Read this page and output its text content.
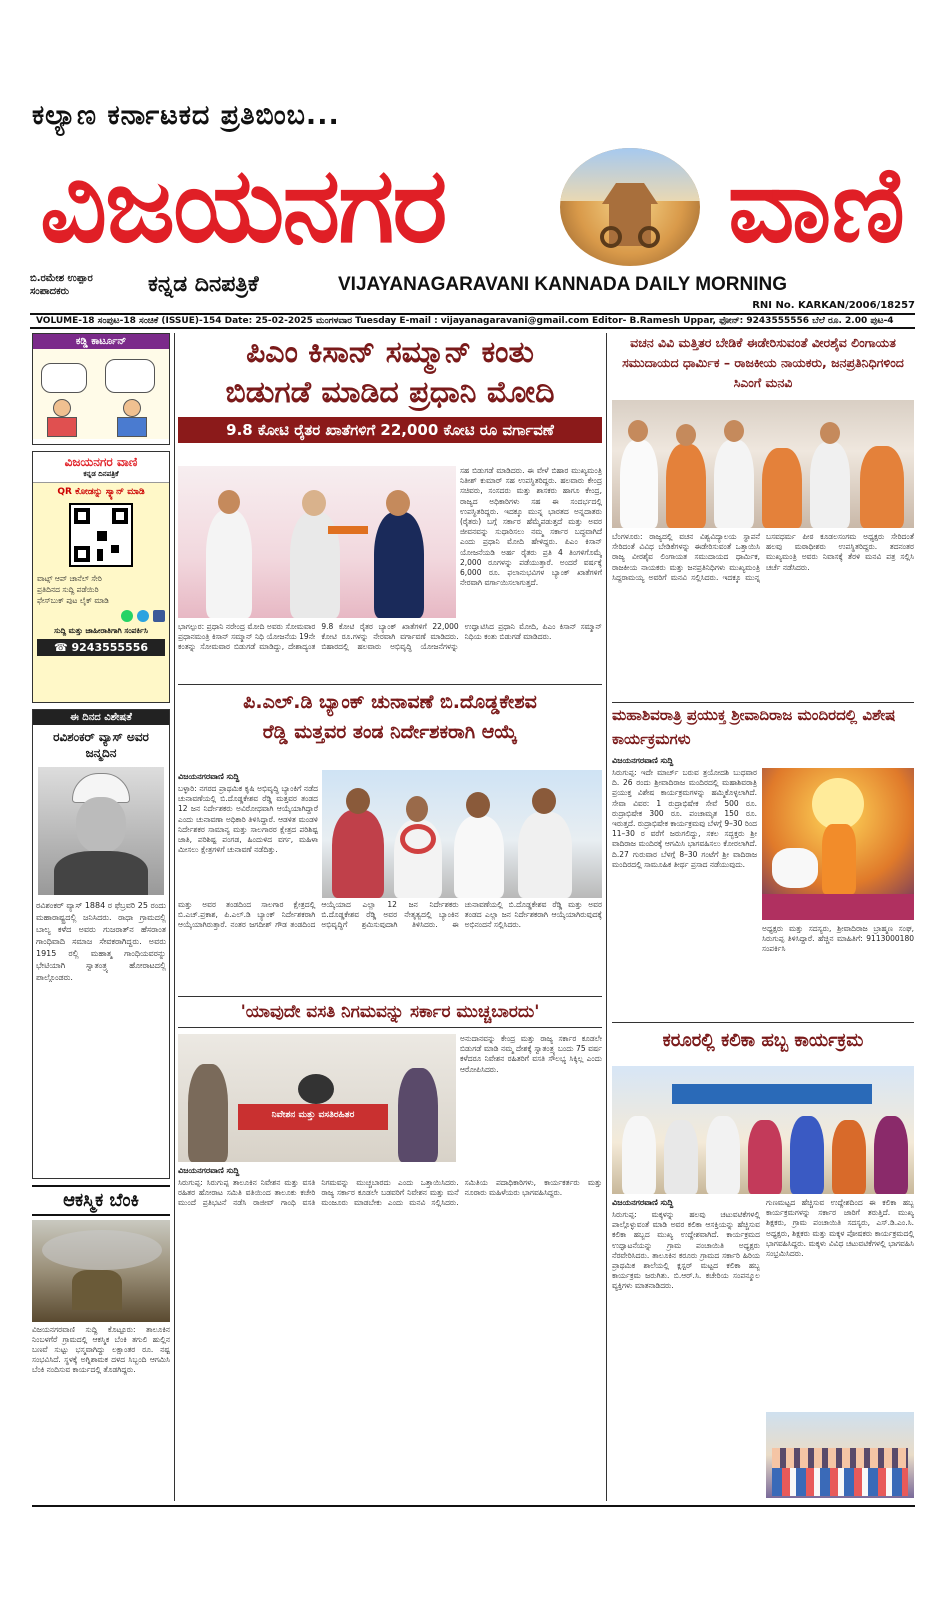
ಕಲ್ಯಾಣ ಕರ್ನಾಟಕದ ಪ್ರತಿಬಿಂಬ...
ವಿಜಯನಗರ	ವಾಣಿ
ಬಿ.ರಮೇಶ ಉಪ್ಪಾರ
ಸಂಪಾದಕರು	ಕನ್ನಡ ದಿನಪತ್ರಿಕೆ	VIJAYANAGARAVANI KANNADA DAILY MORNING
RNI No. KARKAN/2006/18257
VOLUME-18 ಸಂಪುಟ-18 ಸಂಚಿಕೆ (ISSUE)-154 Date: 25-02-2025 ಮಂಗಳವಾರ Tuesday E-mail : vijayanagaravani@gmail.com Editor- B.Ramesh Uppar, ಫೋನ್: 9243555556 ಬೆಲೆ ರೂ. 2.00 ಪುಟ-4
ಕಡ್ಡಿ ಕಾರ್ಟೂನ್
ವಿಜಯನಗರ ವಾಣಿ
ಕನ್ನಡ ದಿನಪತ್ರಿಕೆ
QR ಕೋಡನ್ನು ಸ್ಕ್ಯಾನ್ ಮಾಡಿ
ವಾಟ್ಸ್ ಆಪ್ ಚಾನೆಲ್ ಸೇರಿ
ಪ್ರತಿದಿನದ ಸುದ್ದಿ ಪಡೆಯಿರಿ
ಫೇಸ್‌ಬುಕ್ ಪುಟ ಲೈಕ್ ಮಾಡಿ
ಸುದ್ದಿ ಮತ್ತು ಜಾಹೀರಾತಿಗಾಗಿ ಸಂಪರ್ಕಿಸಿ
☎ 9243555556
ಈ ದಿನದ ವಿಶೇಷತೆ
ರವಿಶಂಕರ್ ವ್ಯಾಸ್ ಅವರ ಜನ್ಮದಿನ
ರವಿಶಂಕರ್ ವ್ಯಾಸ್ 1884 ರ ಫೆಬ್ರವರಿ 25 ರಂದು ಮಹಾರಾಷ್ಟ್ರದಲ್ಲಿ ಜನಿಸಿದರು. ರಾಧಾ ಗ್ರಾಮದಲ್ಲಿ ಬಾಲ್ಯ ಕಳೆದ ಅವರು ಗುಜರಾತ್‌ನ ಹೆಸರಾಂತ ಗಾಂಧಿವಾದಿ ಸಮಾಜ ಸೇವಕರಾಗಿದ್ದರು. ಅವರು 1915 ರಲ್ಲಿ ಮಹಾತ್ಮ ಗಾಂಧಿಯವರನ್ನು ಭೇಟಿಯಾಗಿ ಸ್ವಾತಂತ್ರ್ಯ ಹೋರಾಟದಲ್ಲಿ ಪಾಲ್ಗೊಂಡರು.
ಆಕಸ್ಮಿಕ ಬೆಂಕಿ
ವಿಜಯನಗರವಾಣಿ ಸುದ್ದಿ ಕೊಟ್ಟೂರು: ತಾಲೂಕಿನ ನಿಂಬಳಗೆರೆ ಗ್ರಾಮದಲ್ಲಿ ಆಕಸ್ಮಿಕ ಬೆಂಕಿ ತಗುಲಿ ಹುಲ್ಲಿನ ಬಣವೆ ಸುಟ್ಟು ಭಸ್ಮವಾಗಿದ್ದು ಲಕ್ಷಾಂತರ ರೂ. ನಷ್ಟ ಸಂಭವಿಸಿದೆ. ಸ್ಥಳಕ್ಕೆ ಅಗ್ನಿಶಾಮಕ ದಳದ ಸಿಬ್ಬಂದಿ ಆಗಮಿಸಿ ಬೆಂಕಿ ನಂದಿಸುವ ಕಾರ್ಯದಲ್ಲಿ ತೊಡಗಿದ್ದರು.
ಪಿಎಂ ಕಿಸಾನ್ ಸಮ್ಮಾನ್ ಕಂತು
ಬಿಡುಗಡೆ ಮಾಡಿದ ಪ್ರಧಾನಿ ಮೋದಿ
9.8 ಕೋಟಿ ರೈತರ ಖಾತೆಗಳಿಗೆ 22,000 ಕೋಟಿ ರೂ ವರ್ಗಾವಣೆ
ಸಹ ಬಿಡುಗಡೆ ಮಾಡಿದರು. ಈ ವೇಳೆ ಬಿಹಾರ ಮುಖ್ಯಮಂತ್ರಿ ನಿತೀಶ್ ಕುಮಾರ್ ಸಹ ಉಪಸ್ಥಿತರಿದ್ದರು. ಹಲವಾರು ಕೇಂದ್ರ ಸಚಿವರು, ಸಂಸದರು ಮತ್ತು ಶಾಸಕರು ಹಾಗೂ ಕೇಂದ್ರ, ರಾಜ್ಯದ ಅಧಿಕಾರಿಗಳು ಸಹ ಈ ಸಂದರ್ಭದಲ್ಲಿ ಉಪಸ್ಥಿತರಿದ್ದರು. ಇದಕ್ಕೂ ಮುನ್ನ ಭಾರತದ ಅನ್ನದಾತರು (ರೈತರು) ಬಗ್ಗೆ ಸರ್ಕಾರ ಹೆಮ್ಮೆಪಡುತ್ತದೆ ಮತ್ತು ಅವರ ಜೀವನವನ್ನು ಸುಧಾರಿಸಲು ನಮ್ಮ ಸರ್ಕಾರ ಬದ್ಧವಾಗಿದೆ ಎಂದು ಪ್ರಧಾನಿ ಮೋದಿ ಹೇಳಿದ್ದರು. ಪಿಎಂ ಕಿಸಾನ್ ಯೋಜನೆಯಡಿ ಅರ್ಹ ರೈತರು ಪ್ರತಿ 4 ತಿಂಗಳಿಗೊಮ್ಮೆ 2,000 ರೂಗಳನ್ನು ಪಡೆಯುತ್ತಾರೆ. ಅಂದರೆ ವರ್ಷಕ್ಕೆ 6,000 ರೂ. ಫಲಾನುಭವಿಗಳ ಬ್ಯಾಂಕ್ ಖಾತೆಗಳಿಗೆ ನೇರವಾಗಿ ವರ್ಗಾಯಿಸಲಾಗುತ್ತದೆ.
ಭಾಗಲ್ಪುರ: ಪ್ರಧಾನಿ ನರೇಂದ್ರ ಮೋದಿ ಅವರು ಸೋಮವಾರ ಪ್ರಧಾನಮಂತ್ರಿ ಕಿಸಾನ್ ಸಮ್ಮಾನ್ ನಿಧಿ ಯೋಜನೆಯ 19ನೇ ಕಂತನ್ನು ಸೋಮವಾರ ಬಿಡುಗಡೆ ಮಾಡಿದ್ದು, ದೇಶಾದ್ಯಂತ 9.8 ಕೋಟಿ ರೈತರ ಬ್ಯಾಂಕ್ ಖಾತೆಗಳಿಗೆ 22,000 ಕೋಟಿ ರೂ.ಗಳನ್ನು ನೇರವಾಗಿ ವರ್ಗಾವಣೆ ಮಾಡಿದರು. ಬಿಹಾರದಲ್ಲಿ ಹಲವಾರು ಅಭಿವೃದ್ಧಿ ಯೋಜನೆಗಳನ್ನು ಉದ್ಘಾಟಿಸಿದ ಪ್ರಧಾನಿ ಮೋದಿ, ಪಿಎಂ ಕಿಸಾನ್ ಸಮ್ಮಾನ್ ನಿಧಿಯ ಕಂತು ಬಿಡುಗಡೆ ಮಾಡಿದರು.
ಪಿ.ಎಲ್.ಡಿ ಬ್ಯಾಂಕ್ ಚುನಾವಣೆ ಬಿ.ದೊಡ್ಡಕೇಶವ
ರೆಡ್ಡಿ ಮತ್ತವರ ತಂಡ ನಿರ್ದೇಶಕರಾಗಿ ಆಯ್ಕೆ
ವಿಜಯನಗರವಾಣಿ ಸುದ್ದಿ
ಬಳ್ಳಾರಿ: ನಗರದ ಪ್ರಾಥಮಿಕ ಕೃಷಿ ಅಭಿವೃದ್ಧಿ ಬ್ಯಾಂಕಿಗೆ ನಡೆದ ಚುನಾವಣೆಯಲ್ಲಿ ಬಿ.ದೊಡ್ಡಕೇಶವ ರೆಡ್ಡಿ ಮತ್ತವರ ತಂಡದ 12 ಜನ ನಿರ್ದೇಶಕರು ಅವಿರೋಧವಾಗಿ ಆಯ್ಕೆಯಾಗಿದ್ದಾರೆ ಎಂದು ಚುನಾವಣಾ ಅಧಿಕಾರಿ ತಿಳಿಸಿದ್ದಾರೆ. ಆಡಳಿತ ಮಂಡಳಿ ನಿರ್ದೇಶಕರ ಸಾಮಾನ್ಯ ಮತ್ತು ಸಾಲಗಾರರ ಕ್ಷೇತ್ರದ ಪರಿಶಿಷ್ಟ ಜಾತಿ, ಪರಿಶಿಷ್ಟ ಪಂಗಡ, ಹಿಂದುಳಿದ ವರ್ಗ, ಮಹಿಳಾ ಮೀಸಲು ಕ್ಷೇತ್ರಗಳಿಗೆ ಚುನಾವಣೆ ನಡೆದಿತ್ತು.
ಮತ್ತು ಅವರ ತಂಡದಿಂದ ಸಾಲಗಾರ ಕ್ಷೇತ್ರದಲ್ಲಿ ಬಿ.ಎಚ್.ಪ್ರಕಾಶ, ಪಿ.ಎಲ್.ಡಿ ಬ್ಯಾಂಕ್ ನಿರ್ದೇಶಕರಾಗಿ ಆಯ್ಕೆಯಾಗಿರುತ್ತಾರೆ. ನಂತರ ಜಗದೀಶ್ ಗೌಡ ತಂಡದಿಂದ ಆಯ್ಕೆಯಾದ ಎಲ್ಲಾ 12 ಜನ ನಿರ್ದೇಶಕರು ಬಿ.ದೊಡ್ಡಕೇಶವ ರೆಡ್ಡಿ ಅವರ ನೇತೃತ್ವದಲ್ಲಿ ಬ್ಯಾಂಕಿನ ಅಭಿವೃದ್ಧಿಗೆ ಶ್ರಮಿಸುವುದಾಗಿ ತಿಳಿಸಿದರು. ಈ ಚುನಾವಣೆಯಲ್ಲಿ ಬಿ.ದೊಡ್ಡಕೇಶವ ರೆಡ್ಡಿ ಮತ್ತು ಅವರ ತಂಡದ ಎಲ್ಲಾ ಜನ ನಿರ್ದೇಶಕರಾಗಿ ಆಯ್ಕೆಯಾಗಿರುವುದಕ್ಕೆ ಅಭಿನಂದನೆ ಸಲ್ಲಿಸಿದರು.
'ಯಾವುದೇ ವಸತಿ ನಿಗಮವನ್ನು ಸರ್ಕಾರ ಮುಚ್ಚಬಾರದು'
ನಿವೇಶನ ಮತ್ತು ವಸತಿರಹಿತರ
ಅನುದಾನವನ್ನು ಕೇಂದ್ರ ಮತ್ತು ರಾಜ್ಯ ಸರ್ಕಾರ ಕೂಡಲೇ ಬಿಡುಗಡೆ ಮಾಡಿ ನಮ್ಮ ದೇಶಕ್ಕೆ ಸ್ವಾತಂತ್ರ್ಯ ಬಂದು 75 ವರ್ಷ ಕಳೆದರೂ ನಿವೇಶನ ರಹಿತರಿಗೆ ವಸತಿ ಸೌಲಭ್ಯ ಸಿಕ್ಕಿಲ್ಲ ಎಂದು ಆರೋಪಿಸಿದರು.
ವಿಜಯನಗರವಾಣಿ ಸುದ್ದಿ
ಸಿರುಗುಪ್ಪ: ಸಿರುಗುಪ್ಪ ತಾಲೂಕಿನ ನಿವೇಶನ ಮತ್ತು ವಸತಿ ರಹಿತರ ಹೋರಾಟ ಸಮಿತಿ ವತಿಯಿಂದ ತಾಲೂಕು ಕಚೇರಿ ಮುಂದೆ ಪ್ರತಿಭಟನೆ ನಡೆಸಿ ರಾಜೀವ್ ಗಾಂಧಿ ವಸತಿ ನಿಗಮವನ್ನು ಮುಚ್ಚಬಾರದು ಎಂದು ಒತ್ತಾಯಿಸಿದರು. ರಾಜ್ಯ ಸರ್ಕಾರ ಕೂಡಲೇ ಬಡವರಿಗೆ ನಿವೇಶನ ಮತ್ತು ಮನೆ ಮಂಜೂರು ಮಾಡಬೇಕು ಎಂದು ಮನವಿ ಸಲ್ಲಿಸಿದರು. ಸಮಿತಿಯ ಪದಾಧಿಕಾರಿಗಳು, ಕಾರ್ಯಕರ್ತರು ಮತ್ತು ನೂರಾರು ಮಹಿಳೆಯರು ಭಾಗವಹಿಸಿದ್ದರು.
ವಚನ ವಿವಿ ಮತ್ತಿತರ ಬೇಡಿಕೆ ಈಡೇರಿಸುವಂತೆ ವೀರಶೈವ ಲಿಂಗಾಯತ ಸಮುದಾಯದ ಧಾರ್ಮಿಕ – ರಾಜಕೀಯ ನಾಯಕರು, ಜನಪ್ರತಿನಿಧಿಗಳಿಂದ ಸಿಎಂಗೆ ಮನವಿ
ಬೆಂಗಳೂರು: ರಾಜ್ಯದಲ್ಲಿ ವಚನ ವಿಶ್ವವಿದ್ಯಾಲಯ ಸ್ಥಾಪನೆ ಸೇರಿದಂತೆ ವಿವಿಧ ಬೇಡಿಕೆಗಳನ್ನು ಈಡೇರಿಸುವಂತೆ ಒತ್ತಾಯಿಸಿ ರಾಜ್ಯ ವೀರಶೈವ ಲಿಂಗಾಯತ ಸಮುದಾಯದ ಧಾರ್ಮಿಕ, ರಾಜಕೀಯ ನಾಯಕರು ಮತ್ತು ಜನಪ್ರತಿನಿಧಿಗಳು ಮುಖ್ಯಮಂತ್ರಿ ಸಿದ್ದರಾಮಯ್ಯ ಅವರಿಗೆ ಮನವಿ ಸಲ್ಲಿಸಿದರು. ಇದಕ್ಕೂ ಮುನ್ನ ಬಸವಧರ್ಮ ಪೀಠ ಕೂಡಲಸಂಗಮ ಅಧ್ಯಕ್ಷರು ಸೇರಿದಂತೆ ಹಲವು ಮಠಾಧೀಶರು ಉಪಸ್ಥಿತರಿದ್ದರು. ತದನಂತರ ಮುಖ್ಯಮಂತ್ರಿ ಅವರು ನಿವಾಸಕ್ಕೆ ತೆರಳಿ ಮನವಿ ಪತ್ರ ಸಲ್ಲಿಸಿ ಚರ್ಚೆ ನಡೆಸಿದರು.
ಮಹಾಶಿವರಾತ್ರಿ ಪ್ರಯುಕ್ತ ಶ್ರೀವಾದಿರಾಜ ಮಂದಿರದಲ್ಲಿ ವಿಶೇಷ ಕಾರ್ಯಕ್ರಮಗಳು
ವಿಜಯನಗರವಾಣಿ ಸುದ್ದಿ
ಸಿರುಗುಪ್ಪ: ಇದೇ ಮಾರ್ಚ್ ಬರುವ ತ್ರಯೋದಶಿ ಬುಧವಾರ ದಿ. 26 ರಂದು ಶ್ರೀವಾದಿರಾಜ ಮಂದಿರದಲ್ಲಿ ಮಹಾಶಿವರಾತ್ರಿ ಪ್ರಯುಕ್ತ ವಿಶೇಷ ಕಾರ್ಯಕ್ರಮಗಳನ್ನು ಹಮ್ಮಿಕೊಳ್ಳಲಾಗಿದೆ. ಸೇವಾ ವಿವರ: 1 ರುದ್ರಾಭಿಷೇಕ ಸೇವೆ 500 ರೂ. ರುದ್ರಾಭಿಷೇಕ 300 ರೂ. ಪಂಚಾಮೃತ 150 ರೂ. ಇರುತ್ತದೆ. ರುದ್ರಾಭಿಷೇಕ ಕಾರ್ಯಕ್ರಮವು ಬೆಳಗ್ಗೆ 9–30 ರಿಂದ 11–30 ರ ವರೆಗೆ ಜರುಗಲಿದ್ದು, ಸಕಲ ಸದ್ಭಕ್ತರು ಶ್ರೀ ವಾದಿರಾಜ ಮಂದಿರಕ್ಕೆ ಆಗಮಿಸಿ ಭಾಗವಹಿಸಲು ಕೋರಲಾಗಿದೆ. ದಿ.27 ಗುರುವಾರ ಬೆಳಗ್ಗೆ 8–30 ಗಂಟೆಗೆ ಶ್ರೀ ವಾದಿರಾಜ ಮಂದಿರದಲ್ಲಿ ಸಾಮೂಹಿಕ ತೀರ್ಥ ಪ್ರಸಾದ ನಡೆಯುವುದು.
ಅಧ್ಯಕ್ಷರು ಮತ್ತು ಸದಸ್ಯರು, ಶ್ರೀವಾದಿರಾಜ ಬ್ರಾಹ್ಮಣ ಸಂಘ, ಸಿರುಗುಪ್ಪ ತಿಳಿಸಿದ್ದಾರೆ. ಹೆಚ್ಚಿನ ಮಾಹಿತಿಗೆ: 9113000180 ಸಂಪರ್ಕಿಸಿ
ಕರೂರಲ್ಲಿ ಕಲಿಕಾ ಹಬ್ಬ ಕಾರ್ಯಕ್ರಮ
ವಿಜಯನಗರವಾಣಿ ಸುದ್ದಿ
ಸಿರುಗುಪ್ಪ: ಮಕ್ಕಳನ್ನು ಹಲವು ಚಟುವಟಿಕೆಗಳಲ್ಲಿ ಪಾಲ್ಗೊಳ್ಳುವಂತೆ ಮಾಡಿ ಅವರ ಕಲಿಕಾ ಆಸಕ್ತಿಯನ್ನು ಹೆಚ್ಚಿಸುವ ಕಲಿಕಾ ಹಬ್ಬದ ಮುಖ್ಯ ಉದ್ದೇಶವಾಗಿದೆ. ಕಾರ್ಯಕ್ರಮದ ಉದ್ಘಾಟನೆಯನ್ನು ಗ್ರಾಮ ಪಂಚಾಯಿತಿ ಅಧ್ಯಕ್ಷರು ನೆರವೇರಿಸಿದರು. ತಾಲೂಕಿನ ಕರೂರು ಗ್ರಾಮದ ಸರ್ಕಾರಿ ಹಿರಿಯ ಪ್ರಾಥಮಿಕ ಶಾಲೆಯಲ್ಲಿ ಕ್ಲಸ್ಟರ್ ಮಟ್ಟದ ಕಲಿಕಾ ಹಬ್ಬ ಕಾರ್ಯಕ್ರಮ ಜರುಗಿತು. ಬಿ.ಆರ್.ಸಿ. ಕಚೇರಿಯ ಸಂಪನ್ಮೂಲ ವ್ಯಕ್ತಿಗಳು ಮಾತನಾಡಿದರು.
ಗುಣಮಟ್ಟದ ಹೆಚ್ಚಿಸುವ ಉದ್ದೇಶದಿಂದ ಈ ಕಲಿಕಾ ಹಬ್ಬ ಕಾರ್ಯಕ್ರಮಗಳನ್ನು ಸರ್ಕಾರ ಜಾರಿಗೆ ತರುತ್ತಿದೆ. ಮುಖ್ಯ ಶಿಕ್ಷಕರು, ಗ್ರಾಮ ಪಂಚಾಯಿತಿ ಸದಸ್ಯರು, ಎಸ್.ಡಿ.ಎಂ.ಸಿ. ಅಧ್ಯಕ್ಷರು, ಶಿಕ್ಷಕರು ಮತ್ತು ಮಕ್ಕಳ ಪೋಷಕರು ಕಾರ್ಯಕ್ರಮದಲ್ಲಿ ಭಾಗವಹಿಸಿದ್ದರು. ಮಕ್ಕಳು ವಿವಿಧ ಚಟುವಟಿಕೆಗಳಲ್ಲಿ ಭಾಗವಹಿಸಿ ಸಂಭ್ರಮಿಸಿದರು.
